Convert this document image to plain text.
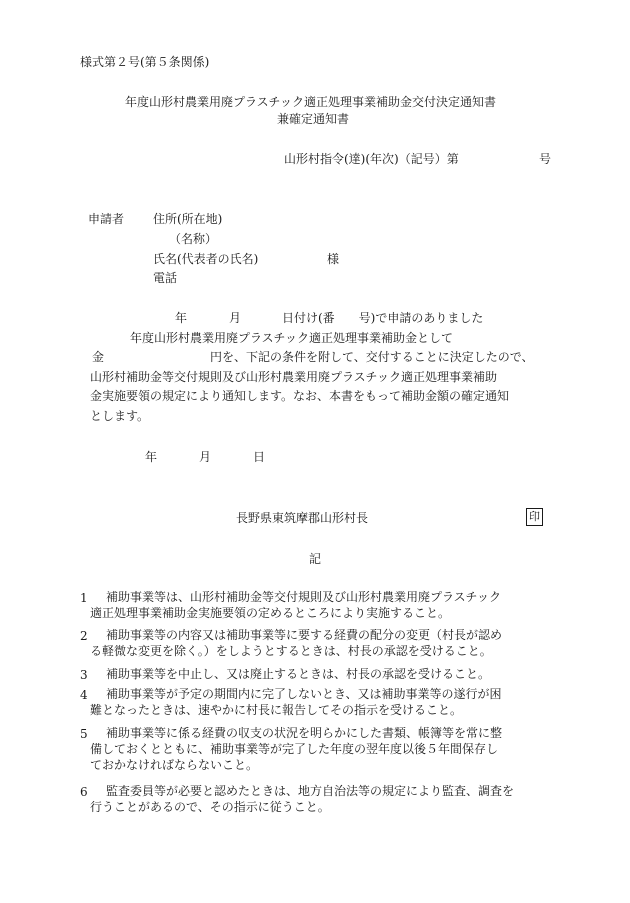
様式第２号(第５条関係)
年度山形村農業用廃プラスチック適正処理事業補助金交付決定通知書
兼確定通知書
山形村指令(達)(年次)（記号）第	号
申請者 住所(所在地)
（名称）
氏名(代表者の氏名)	様
電話
年	月	日付け(番　　号)で申請のありました
年度山形村農業用廃プラスチック適正処理事業補助金として
金	円を、下記の条件を附して、交付することに決定したので、
山形村補助金等交付規則及び山形村農業用廃プラスチック適正処理事業補助
金実施要領の規定により通知します。なお、本書をもって補助金額の確定通知
とします。
年	月	日
長野県東筑摩郡山形村長	印
記
1 補助事業等は、山形村補助金等交付規則及び山形村農業用廃プラスチック
適正処理事業補助金実施要領の定めるところにより実施すること。
2 補助事業等の内容又は補助事業等に要する経費の配分の変更（村長が認め
る軽微な変更を除く。）をしようとするときは、村長の承認を受けること。
3 補助事業等を中止し、又は廃止するときは、村長の承認を受けること。
4 補助事業等が予定の期間内に完了しないとき、又は補助事業等の遂行が困
難となったときは、速やかに村長に報告してその指示を受けること。
5 補助事業等に係る経費の収支の状況を明らかにした書類、帳簿等を常に整
備しておくとともに、補助事業等が完了した年度の翌年度以後５年間保存し
ておかなければならないこと。
6 監査委員等が必要と認めたときは、地方自治法等の規定により監査、調査を
行うことがあるので、その指示に従うこと。
